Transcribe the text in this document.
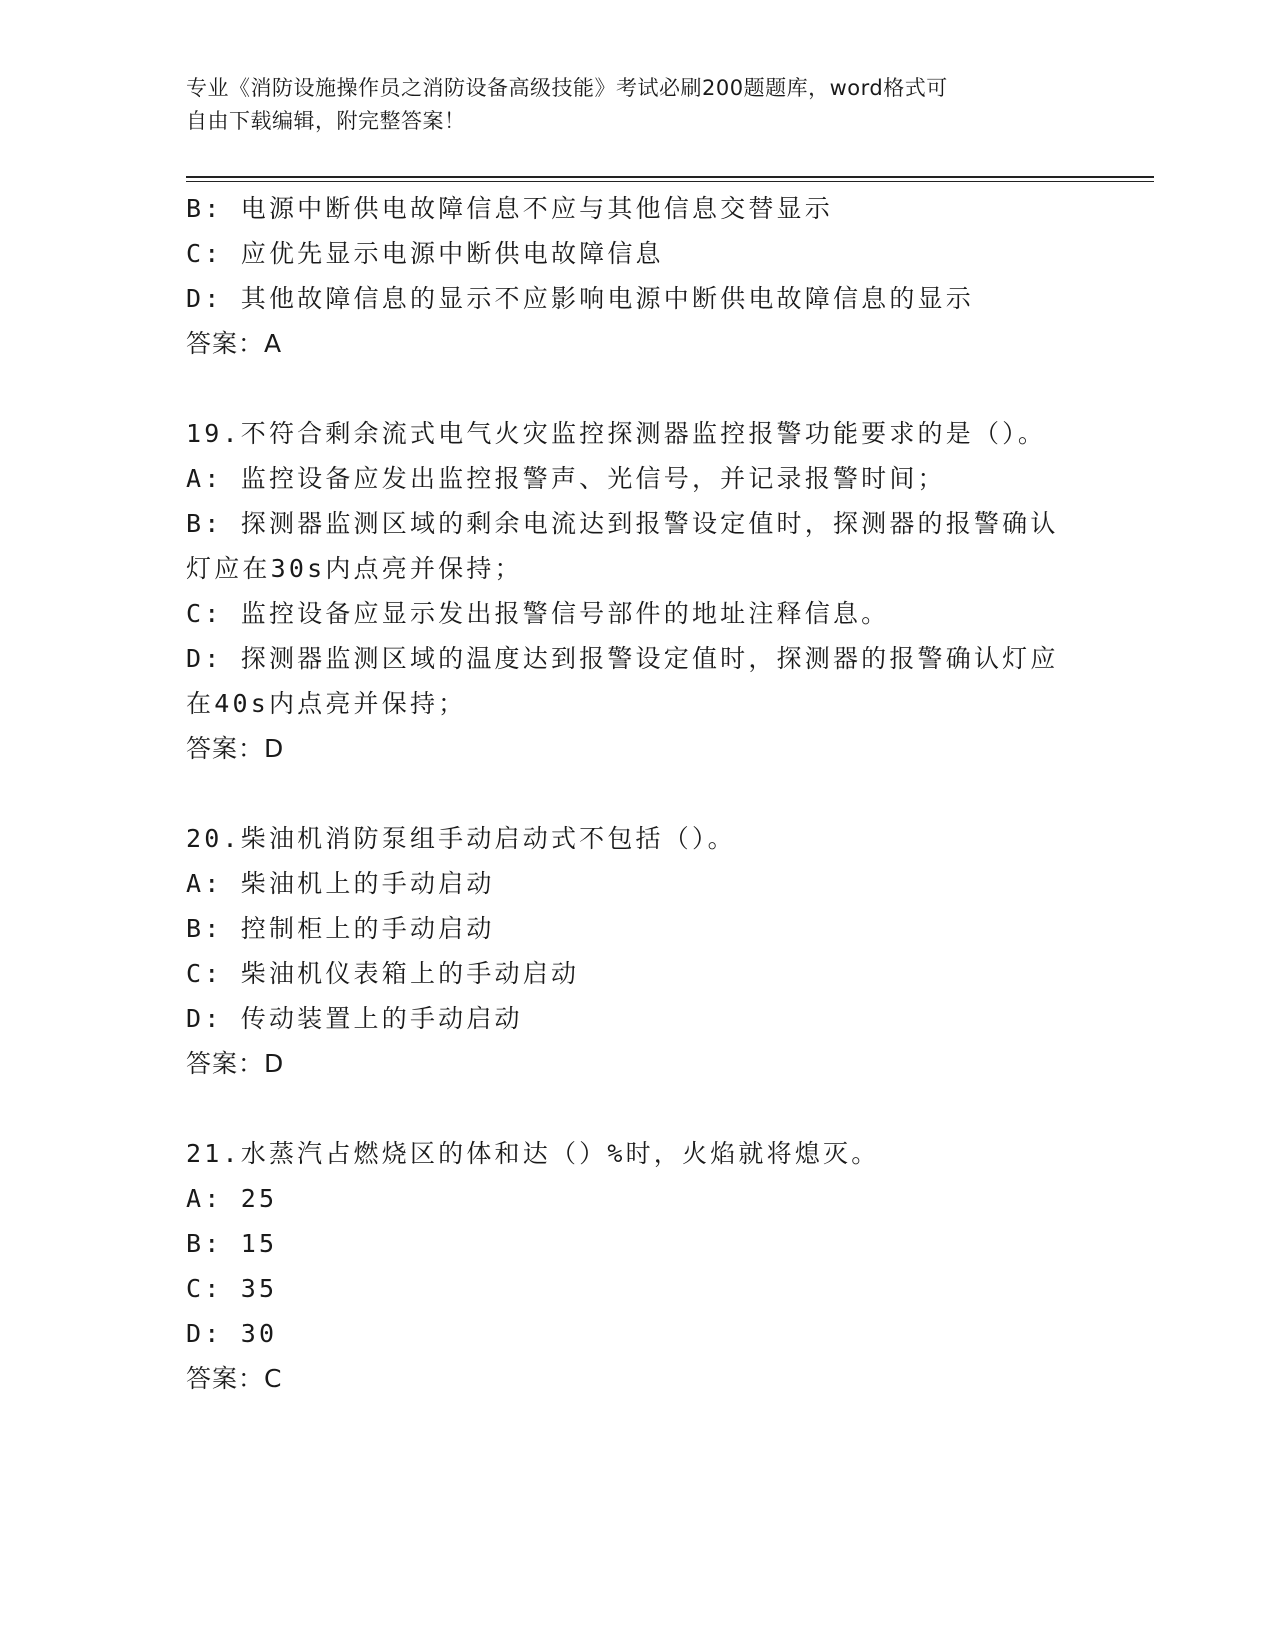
专业《消防设施操作员之消防设备高级技能》考试必刷200题题库，word格式可
自由下载编辑，附完整答案！
B: 电源中断供电故障信息不应与其他信息交替显示
C: 应优先显示电源中断供电故障信息
D: 其他故障信息的显示不应影响电源中断供电故障信息的显示
答案：A
19.不符合剩余流式电气火灾监控探测器监控报警功能要求的是（）。
A: 监控设备应发出监控报警声、光信号，并记录报警时间；
B: 探测器监测区域的剩余电流达到报警设定值时，探测器的报警确认
灯应在30s内点亮并保持；
C: 监控设备应显示发出报警信号部件的地址注释信息。
D: 探测器监测区域的温度达到报警设定值时，探测器的报警确认灯应
在40s内点亮并保持；
答案：D
20.柴油机消防泵组手动启动式不包括（）。
A: 柴油机上的手动启动
B: 控制柜上的手动启动
C: 柴油机仪表箱上的手动启动
D: 传动装置上的手动启动
答案：D
21.水蒸汽占燃烧区的体和达（）%时，火焰就将熄灭。
A: 25
B: 15
C: 35
D: 30
答案：C
